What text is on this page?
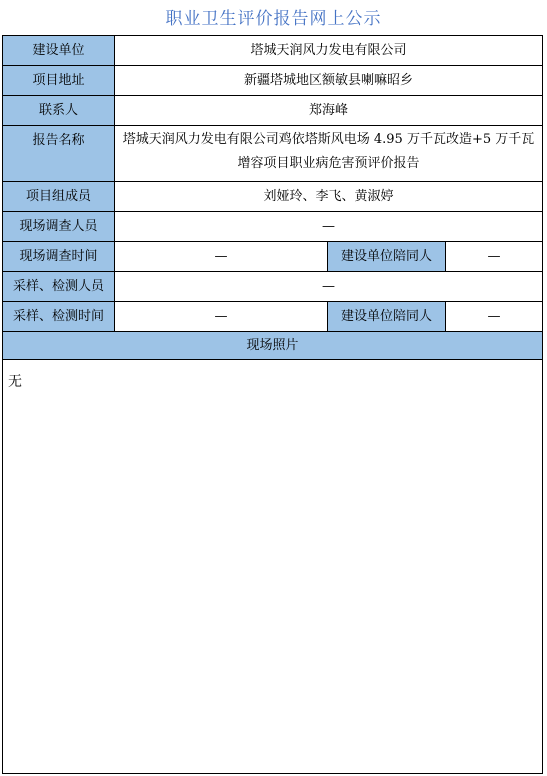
职业卫生评价报告网上公示
建设单位	塔城天润风力发电有限公司
项目地址	新疆塔城地区额敏县喇嘛昭乡
联系人	郑海峰
报告名称	塔城天润风力发电有限公司鸡依塔斯风电场 4.95 万千瓦改造+5 万千瓦增容项目职业病危害预评价报告
项目组成员	刘娅玲、李飞、黄淑婷
现场调查人员	—
现场调查时间	—	建设单位陪同人	—
采样、检测人员	—
采样、检测时间	—	建设单位陪同人	—
现场照片
无
